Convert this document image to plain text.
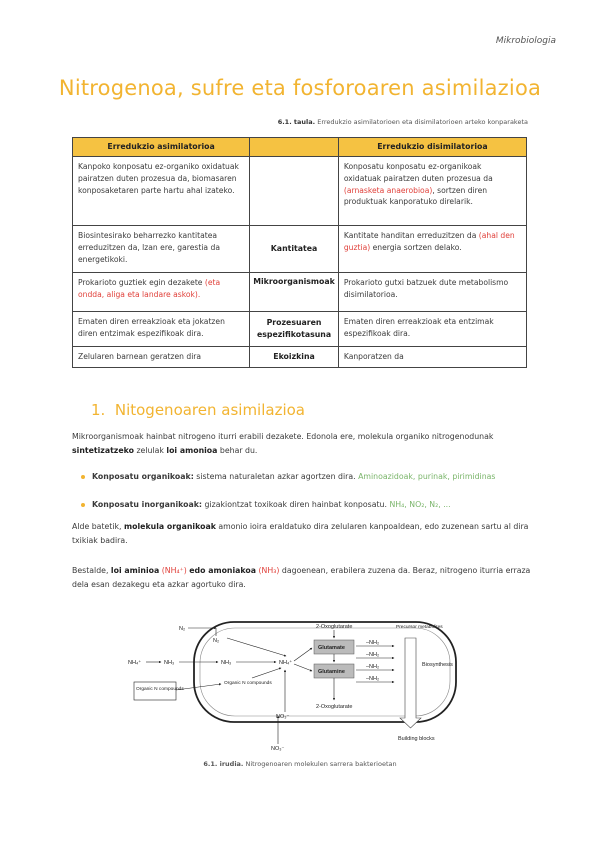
Mikrobiologia
Nitrogenoa, sufre eta fosforoaren asimilazioa
6.1. taula. Erredukzio asimilatorioen eta disimilatorioen arteko konparaketa
Erredukzio asimilatorioa		Erredukzio disimilatorioa
Kanpoko konposatu ez-organiko oxidatuak pairatzen duten prozesua da, biomasaren konposaketaren parte hartu ahal izateko.		Konposatu konposatu ez-organikoak oxidatuak pairatzen duten prozesua da (arnasketa anaerobioa), sortzen diren produktuak kanporatuko direlarik.
Biosintesirako beharrezko kantitatea erreduzitzen da, lzan ere, garestia da energetikoki.	Kantitatea	Kantitate handitan erreduzitzen da (ahal den guztia) energia sortzen delako.
Prokarioto guztiek egin dezakete (eta ondda, aliga eta landare askok).	Mikroorganismoak	Prokarioto gutxi batzuek dute metabolismo disimilatorioa.
Ematen diren erreakzioak eta jokatzen diren entzimak espezifikoak dira.	Prozesuaren espezifikotasuna	Ematen diren erreakzioak eta entzimak espezifikoak dira.
Zelularen barnean geratzen dira	Ekoizkina	Kanporatzen da
1. Nitogenoaren asimilazioa
Mikroorganismoak hainbat nitrogeno iturri erabili dezakete. Edonola ere, molekula organiko nitrogenodunak sintetizatzeko zelulak loi amonioa behar du.
Konposatu organikoak: sistema naturaletan azkar agortzen dira. Aminoazidoak, purinak, pirimidinas
Konposatu inorganikoak: gizakiontzat toxikoak diren hainbat konposatu. NH₄, NO₂, N₂, ...
Alde batetik, molekula organikoak amonio ioira eraldatuko dira zelularen kanpoaldean, edo zuzenean sartu al dira txikiak badira.
Bestalde, loi aminioa (NH₄⁺) edo amoniakoa (NH₃) dagoenean, erabilera zuzena da. Beraz, nitrogeno iturria erraza dela esan dezakegu eta azkar agortuko dira.
N₂
N₂
NH₄⁺	NH₃	NH₃	NH₄⁺
Organic N compounds
Organic N compounds
NO₃⁻
NO₃⁻
2-Oxoglutarate
2-Oxoglutarate
Glutamate
Glutamine
–NH₂
–NH₂
–NH₂
–NH₂
Precursor metabolites
Biosynthesis
Building blocks
6.1. irudia. Nitrogenoaren molekulen sarrera bakterioetan
